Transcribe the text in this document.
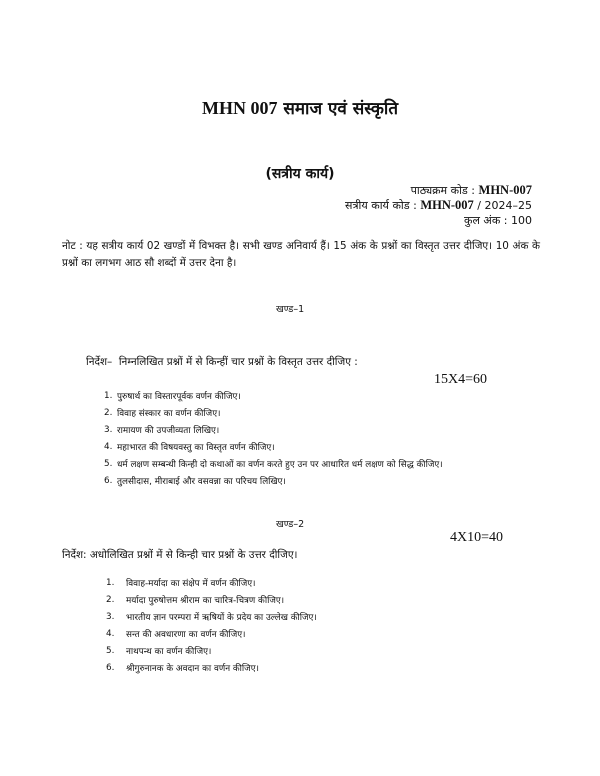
MHN 007 समाज एवं संस्कृति
(सत्रीय कार्य)
पाठ्यक्रम कोड : MHN-007
सत्रीय कार्य कोड : MHN-007 / 2024–25
कुल अंक : 100
नोट : यह सत्रीय कार्य 02 खण्डों में विभक्त है। सभी खण्ड अनिवार्य हैं। 15 अंक के प्रश्नों का विस्तृत उत्तर दीजिए। 10 अंक के प्रश्नों का लगभग आठ सौ शब्दों में उत्तर देना है।
खण्ड–1
निर्देश– निम्नलिखित प्रश्नों में से किन्हीं चार प्रश्नों के विस्तृत उत्तर दीजिए :
15X4=60
1. पुरुषार्थ का विस्तारपूर्वक वर्णन कीजिए।
2. विवाह संस्कार का वर्णन कीजिए।
3. रामायण की उपजीव्यता लिखिए।
4. महाभारत की विषयवस्तु का विस्तृत वर्णन कीजिए।
5. धर्म लक्षण सम्बन्धी किन्ही दो कथाओं का वर्णन करते हुए उन पर आधारित धर्म लक्षण को सिद्ध कीजिए।
6. तुलसीदास, मीराबाई और वसवन्ना का परिचय लिखिए।
खण्ड–2
4X10=40
निर्देश: अधोलिखित प्रश्नों में से किन्ही चार प्रश्नों के उत्तर दीजिए।
1.	विवाह-मर्यादा का संक्षेप में वर्णन कीजिए।
2.	मर्यादा पुरुषोत्तम श्रीराम का चारित्र-चित्रण कीजिए।
3.	भारतीय ज्ञान परम्परा में ऋषियों के प्रदेय का उल्लेख कीजिए।
4.	सन्त की अवधारणा का वर्णन कीजिए।
5.	नाथपन्थ का वर्णन कीजिए।
6.	श्रीगुरुनानक के अवदान का वर्णन कीजिए।
